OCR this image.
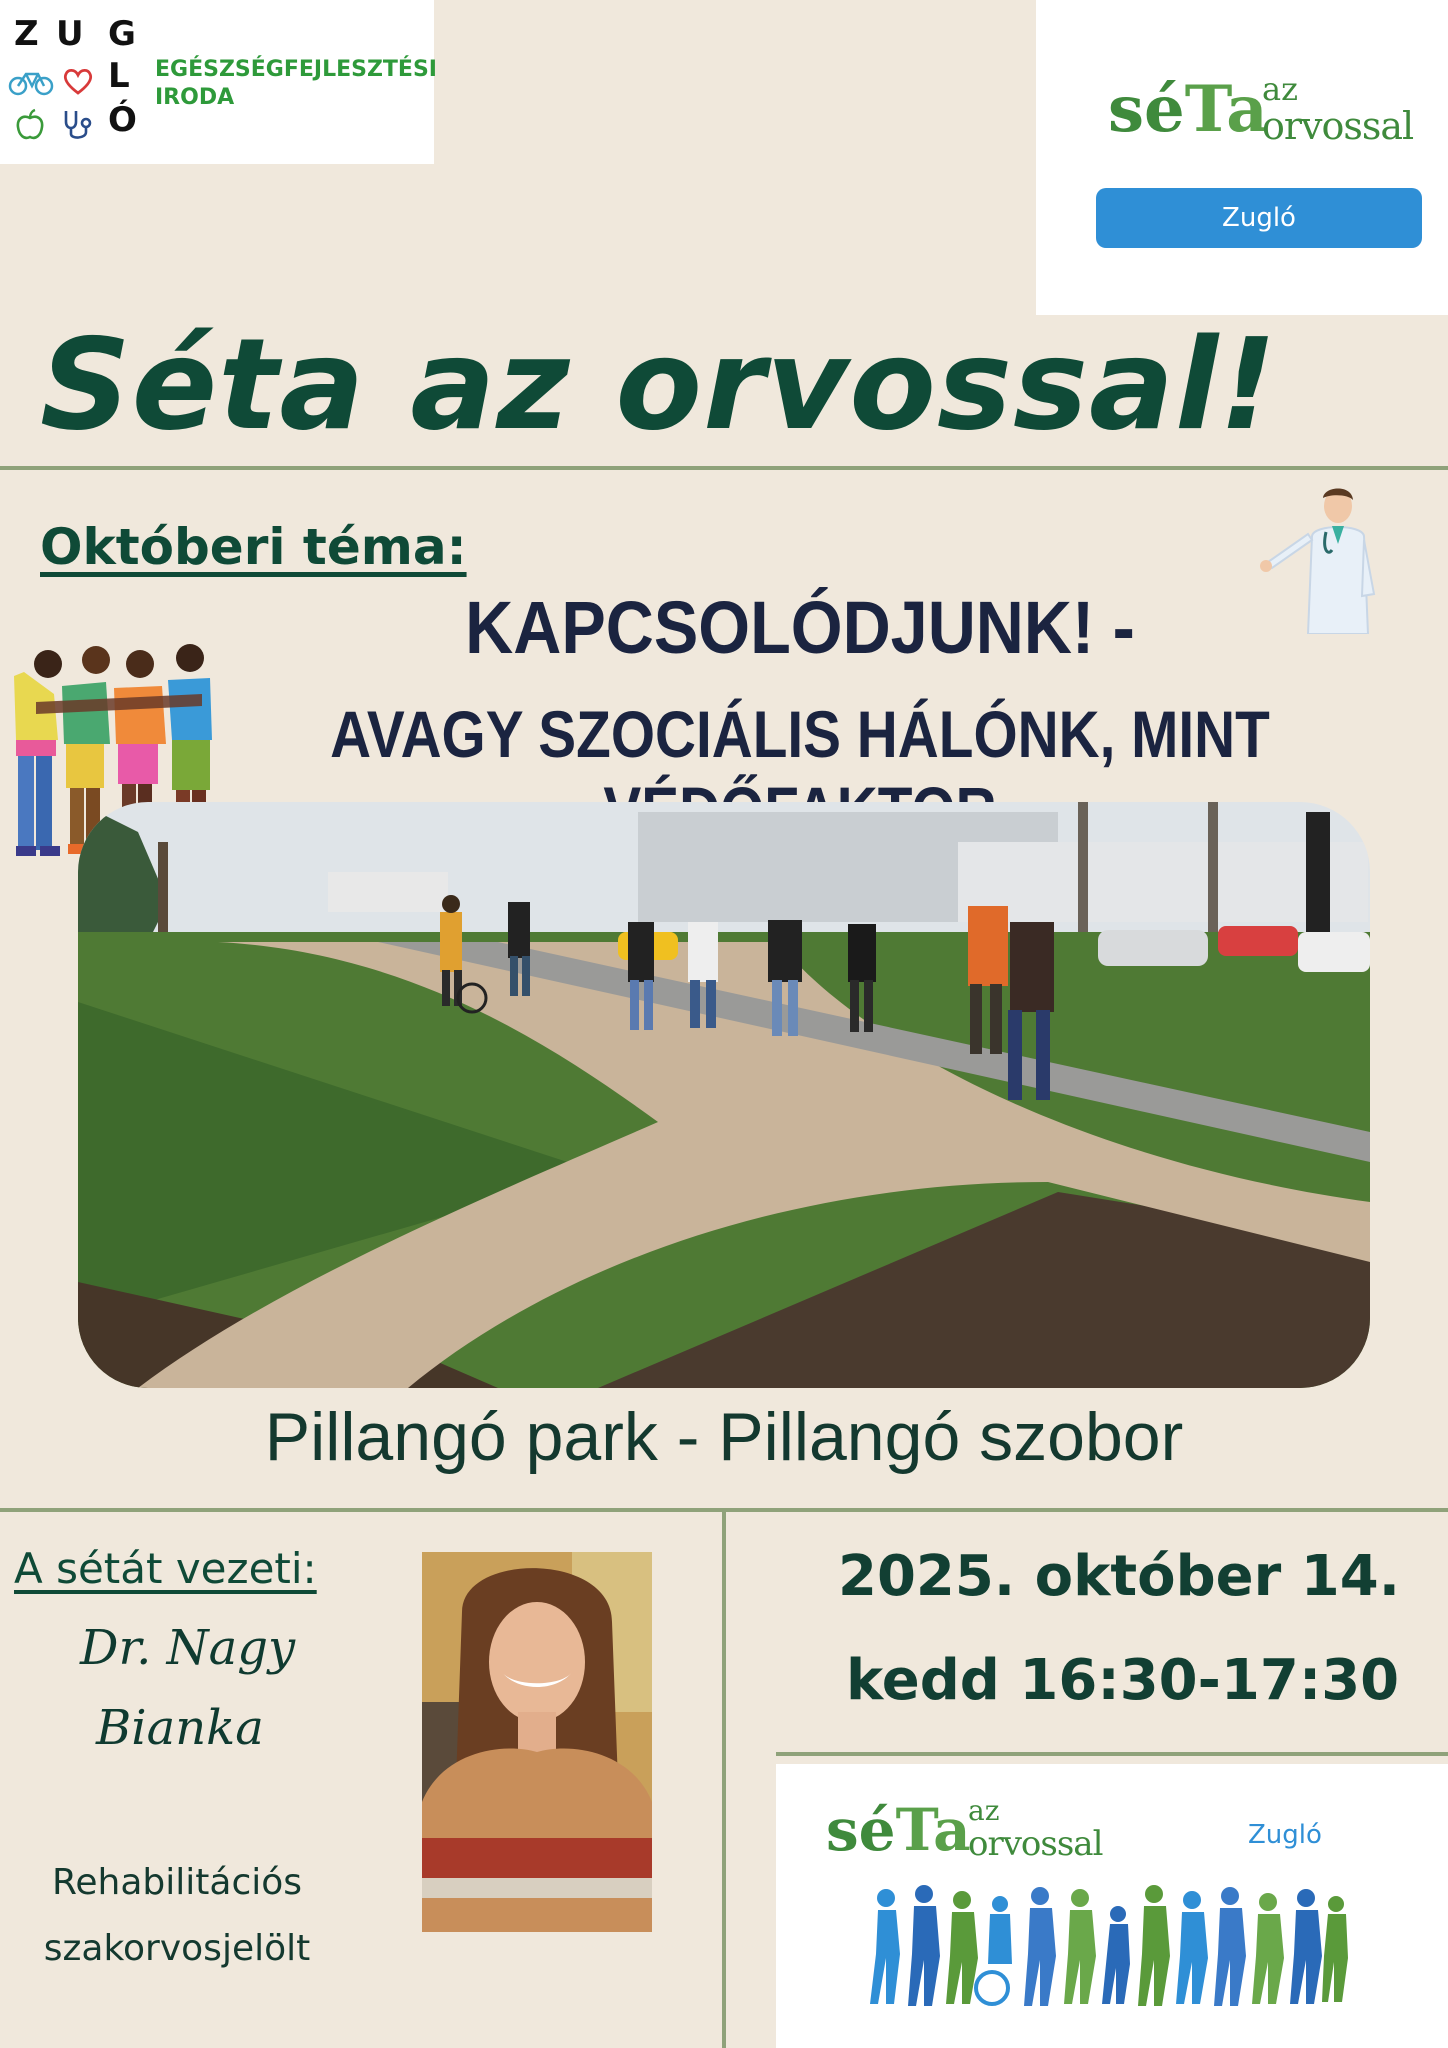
Z U G
L
Ó
EGÉSZSÉGFEJLESZTÉSI
IRODA	séTa
az
orvossal
Zugló
Séta az orvossal!
Októberi téma:
KAPCSOLÓDJUNK! -
AVAGY SZOCIÁLIS HÁLÓNK, MINT
Pillangó park - Pillangó szobor
A sétát vezeti:
Dr. Nagy
Bianka
Rehabilitációs
szakorvosjelölt
2025. október 14.
kedd 16:30-17:30
séTa
az
orvossal	Zugló
